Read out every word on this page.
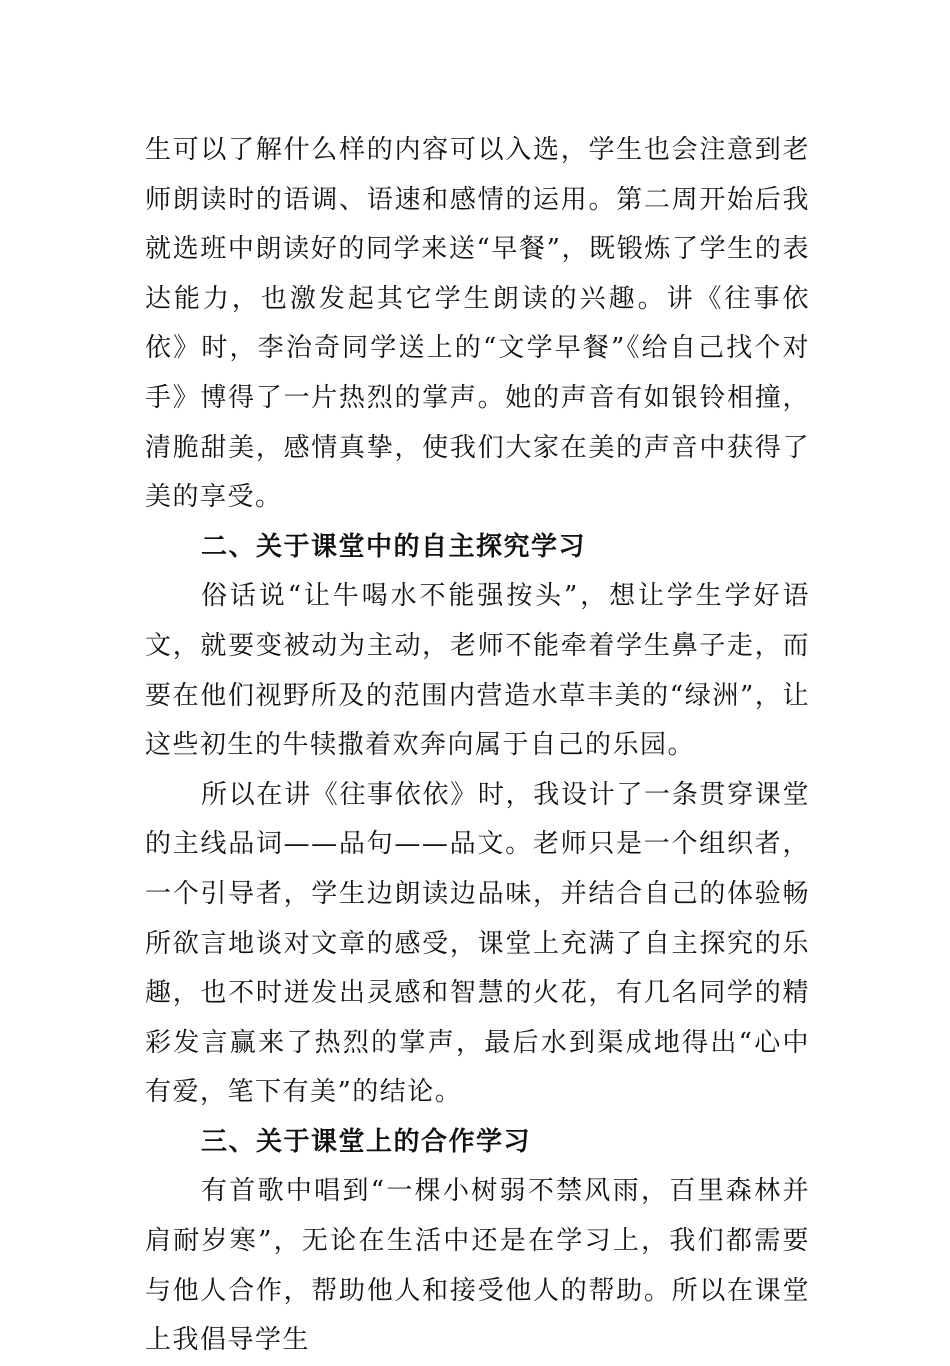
生可以了解什么样的内容可以入选，学生也会注意到老师朗读时的语调、语速和感情的运用。第二周开始后我就选班中朗读好的同学来送“早餐”，既锻炼了学生的表达能力，也激发起其它学生朗读的兴趣。讲《往事依依》时，李治奇同学送上的“文学早餐”《给自己找个对手》博得了一片热烈的掌声。她的声音有如银铃相撞，清脆甜美，感情真挚，使我们大家在美的声音中获得了美的享受。

二、关于课堂中的自主探究学习

俗话说“让牛喝水不能强按头”，想让学生学好语文，就要变被动为主动，老师不能牵着学生鼻子走，而要在他们视野所及的范围内营造水草丰美的“绿洲”，让这些初生的牛犊撒着欢奔向属于自己的乐园。

所以在讲《往事依依》时，我设计了一条贯穿课堂的主线品词——品句——品文。老师只是一个组织者，一个引导者，学生边朗读边品味，并结合自己的体验畅所欲言地谈对文章的感受，课堂上充满了自主探究的乐趣，也不时迸发出灵感和智慧的火花，有几名同学的精彩发言赢来了热烈的掌声，最后水到渠成地得出“心中有爱，笔下有美”的结论。

三、关于课堂上的合作学习

有首歌中唱到“一棵小树弱不禁风雨，百里森林并肩耐岁寒”，无论在生活中还是在学习上，我们都需要与他人合作，帮助他人和接受他人的帮助。所以在课堂上我倡导学生
